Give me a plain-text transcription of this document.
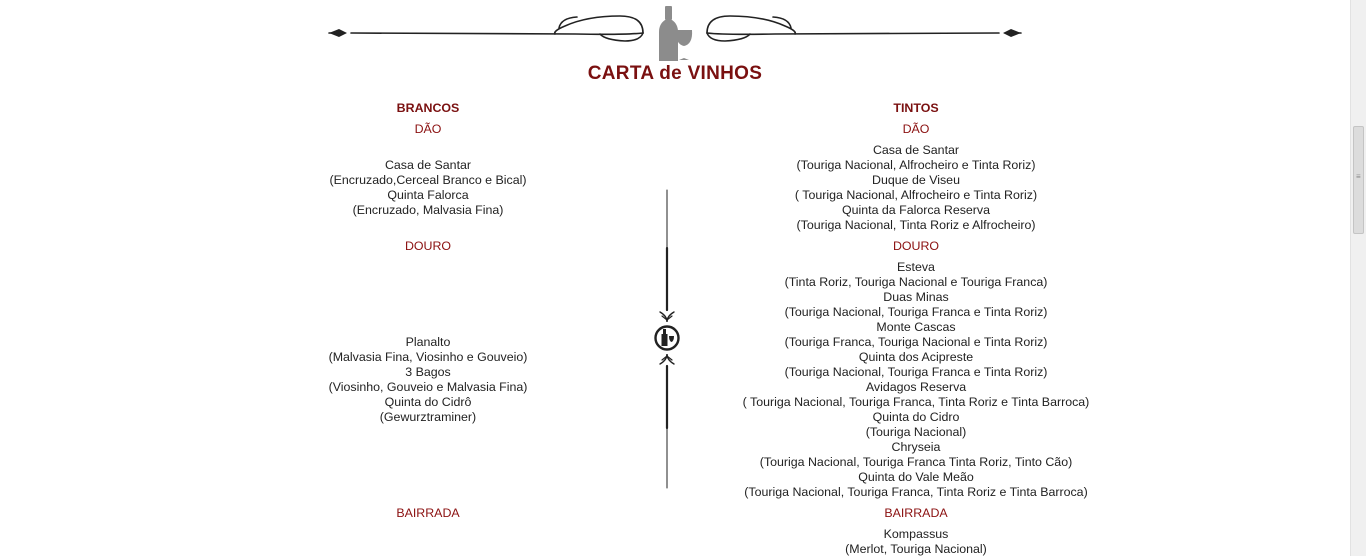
CARTA de VINHOS
BRANCOS
DÃO
Casa de Santar
(Encruzado,Cerceal Branco e Bical)
Quinta Falorca
(Encruzado, Malvasia Fina)
DOURO
Planalto
(Malvasia Fina, Viosinho e Gouveio)
3 Bagos
(Viosinho, Gouveio e Malvasia Fina)
Quinta do Cidrô
(Gewurztraminer)
BAIRRADA
TINTOS
DÃO
Casa de Santar
(Touriga Nacional, Alfrocheiro e Tinta Roriz)
Duque de Viseu
( Touriga Nacional, Alfrocheiro e Tinta Roriz)
Quinta da Falorca Reserva
(Touriga Nacional, Tinta Roriz e Alfrocheiro)
DOURO
Esteva
(Tinta Roriz, Touriga Nacional e Touriga Franca)
Duas Minas
(Touriga Nacional, Touriga Franca e Tinta Roriz)
Monte Cascas
(Touriga Franca, Touriga Nacional e Tinta Roriz)
Quinta dos Acipreste
(Touriga Nacional, Touriga Franca e Tinta Roriz)
Avidagos Reserva
( Touriga Nacional, Touriga Franca, Tinta Roriz e Tinta Barroca)
Quinta do Cidro
(Touriga Nacional)
Chryseia
(Touriga Nacional, Touriga Franca Tinta Roriz, Tinto Cão)
Quinta do Vale Meão
(Touriga Nacional, Touriga Franca, Tinta Roriz e Tinta Barroca)
BAIRRADA
Kompassus
(Merlot, Touriga Nacional)
≡
